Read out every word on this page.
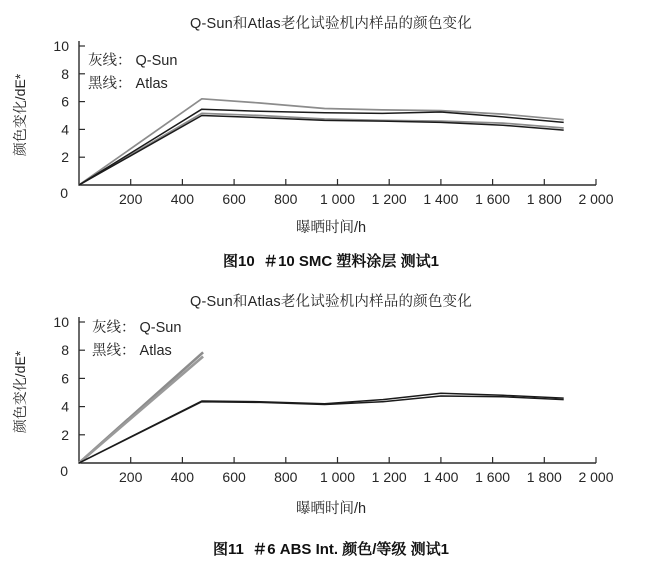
Q-Sun和Atlas老化试验机内样品的颜色变化
200 400 600 800 1 000 1 200 1 400 1 600 1 800 2 000
0
2
4
6
8
10
灰线： Q-Sun
黑线： Atlas
颜色变化/dE*
曝晒时间/h
图10  ＃10 SMC 塑料涂层 测试1
Q-Sun和Atlas老化试验机内样品的颜色变化
200 400 600 800 1 000 1 200 1 400 1 600 1 800 2 000
0
2
4
6
8
10 灰线： Q-Sun
黑线： Atlas
颜色变化/dE*
曝晒时间/h
图11  ＃6 ABS Int. 颜色/等级 测试1
